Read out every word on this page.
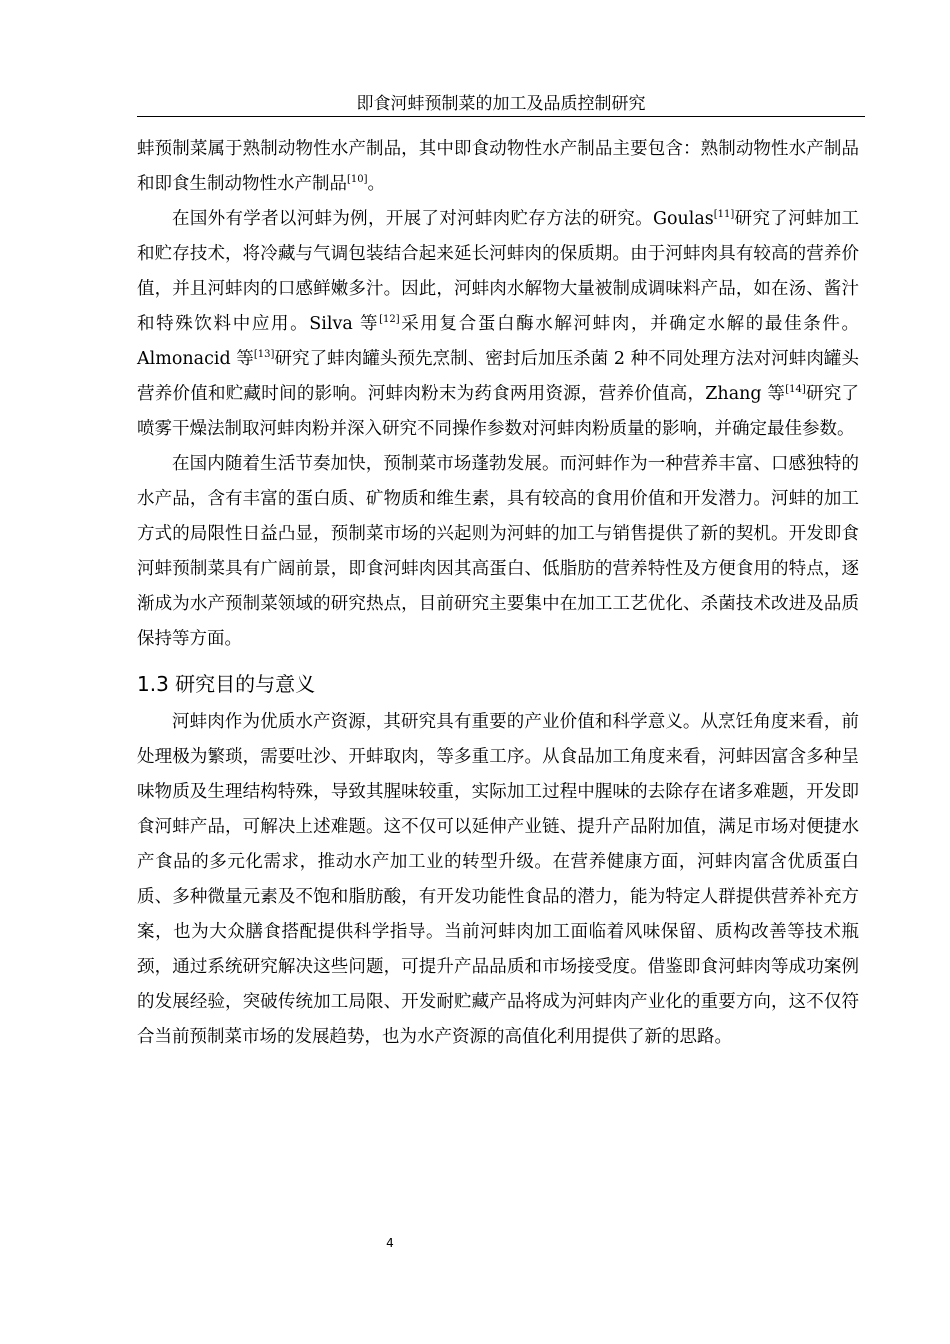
即食河蚌预制菜的加工及品质控制研究

蚌预制菜属于熟制动物性水产制品，其中即食动物性水产制品主要包含：熟制动物性水产制品和即食生制动物性水产制品[10]。

在国外有学者以河蚌为例，开展了对河蚌肉贮存方法的研究。Goulas[11]研究了河蚌加工和贮存技术，将冷藏与气调包装结合起来延长河蚌肉的保质期。由于河蚌肉具有较高的营养价值，并且河蚌肉的口感鲜嫩多汁。因此，河蚌肉水解物大量被制成调味料产品，如在汤、酱汁和特殊饮料中应用。Silva 等[12]采用复合蛋白酶水解河蚌肉，并确定水解的最佳条件。Almonacid 等[13]研究了蚌肉罐头预先烹制、密封后加压杀菌 2 种不同处理方法对河蚌肉罐头营养价值和贮藏时间的影响。河蚌肉粉末为药食两用资源，营养价值高，Zhang 等[14]研究了喷雾干燥法制取河蚌肉粉并深入研究不同操作参数对河蚌肉粉质量的影响，并确定最佳参数。

在国内随着生活节奏加快，预制菜市场蓬勃发展。而河蚌作为一种营养丰富、口感独特的水产品，含有丰富的蛋白质、矿物质和维生素，具有较高的食用价值和开发潜力。河蚌的加工方式的局限性日益凸显，预制菜市场的兴起则为河蚌的加工与销售提供了新的契机。开发即食河蚌预制菜具有广阔前景，即食河蚌肉因其高蛋白、低脂肪的营养特性及方便食用的特点，逐渐成为水产预制菜领域的研究热点，目前研究主要集中在加工工艺优化、杀菌技术改进及品质保持等方面。

1.3 研究目的与意义

河蚌肉作为优质水产资源，其研究具有重要的产业价值和科学意义。从烹饪角度来看，前处理极为繁琐，需要吐沙、开蚌取肉，等多重工序。从食品加工角度来看，河蚌因富含多种呈味物质及生理结构特殊，导致其腥味较重，实际加工过程中腥味的去除存在诸多难题，开发即食河蚌产品，可解决上述难题。这不仅可以延伸产业链、提升产品附加值，满足市场对便捷水产食品的多元化需求，推动水产加工业的转型升级。在营养健康方面，河蚌肉富含优质蛋白质、多种微量元素及不饱和脂肪酸，有开发功能性食品的潜力，能为特定人群提供营养补充方案，也为大众膳食搭配提供科学指导。当前河蚌肉加工面临着风味保留、质构改善等技术瓶颈，通过系统研究解决这些问题，可提升产品品质和市场接受度。借鉴即食河蚌肉等成功案例的发展经验，突破传统加工局限、开发耐贮藏产品将成为河蚌肉产业化的重要方向，这不仅符合当前预制菜市场的发展趋势，也为水产资源的高值化利用提供了新的思路。

4
